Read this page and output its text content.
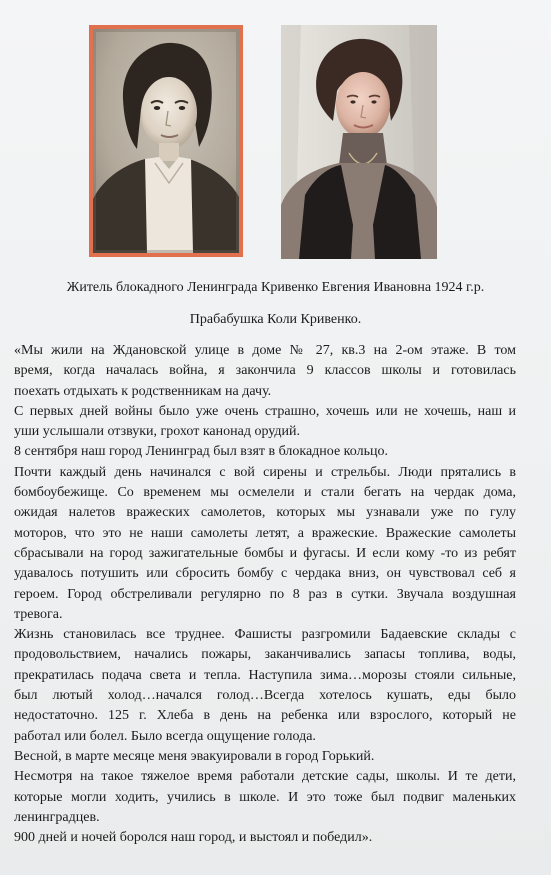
Житель блокадного Ленинграда Кривенко Евгения Ивановна 1924 г.р.
Прабабушка Коли Кривенко.
«Мы жили на Ждановской улице в доме № 27, кв.3 на 2-ом этаже. В том
время, когда началась война, я закончила 9 классов школы и готовилась
поехать отдыхать к родственникам на дачу.
С первых дней войны было уже очень страшно, хочешь или не хочешь, наш и
уши услышали отзвуки, грохот канонад орудий.
8 сентября наш город Ленинград был взят в блокадное кольцо.
Почти каждый день начинался с вой сирены и стрельбы. Люди прятались в
бомбоубежище. Со временем мы осмелели и стали бегать на чердак дома,
ожидая налетов вражеских самолетов, которых мы узнавали уже по гулу
моторов, что это не наши самолеты летят, а вражеские. Вражеские самолеты
сбрасывали на город зажигательные бомбы и фугасы. И если кому -то из ребят
удавалось потушить или сбросить бомбу с чердака вниз, он чувствовал себ я
героем. Город обстреливали регулярно по 8 раз в сутки. Звучала воздушная
тревога.
Жизнь становилась все труднее. Фашисты разгромили Бадаевские склады с
продовольствием, начались пожары, заканчивались запасы топлива, воды,
прекратилась подача света и тепла. Наступила зима…морозы стояли сильные,
был лютый холод…начался голод…Всегда хотелось кушать, еды было
недостаточно. 125 г. Хлеба в день на ребенка или взрослого, который не
работал или болел. Было всегда ощущение голода.
Весной, в марте месяце меня эвакуировали в город Горький.
Несмотря на такое тяжелое время работали детские сады, школы. И те дети,
которые могли ходить, учились в школе. И это тоже был подвиг маленьких
ленинградцев.
900 дней и ночей боролся наш город, и выстоял и победил».
